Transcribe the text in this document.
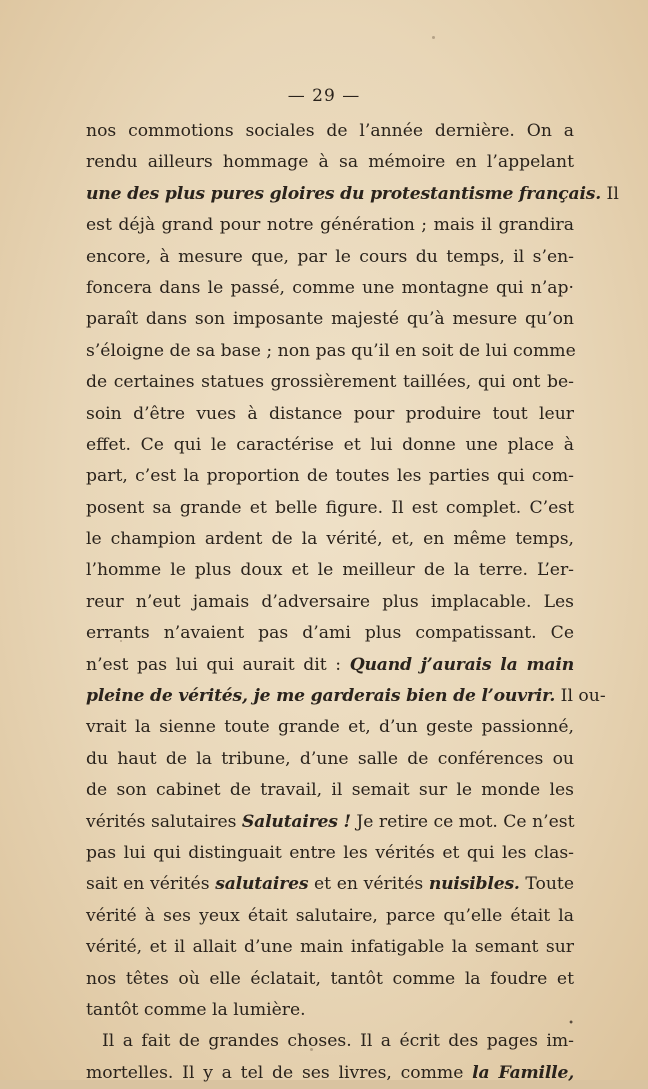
— 29 —
nos commotions sociales de l’année dernière. On a
rendu ailleurs hommage à sa mémoire en l’appelant
une des plus pures gloires du protestantisme français. Il
est déjà grand pour notre génération ; mais il grandira
encore, à mesure que, par le cours du temps, il s’en-
foncera dans le passé, comme une montagne qui n’ap·
paraît dans son imposante majesté qu’à mesure qu’on
s’éloigne de sa base ; non pas qu’il en soit de lui comme
de certaines statues grossièrement taillées, qui ont be-
soin d’être vues à distance pour produire tout leur
effet. Ce qui le caractérise et lui donne une place à
part, c’est la proportion de toutes les parties qui com-
posent sa grande et belle figure. Il est complet. C’est
le champion ardent de la vérité, et, en même temps,
l’homme le plus doux et le meilleur de la terre. L’er-
reur n’eut jamais d’adversaire plus implacable. Les
errants n’avaient pas d’ami plus compatissant. Ce
n’est pas lui qui aurait dit : Quand j’aurais la main
pleine de vérités, je me garderais bien de l’ouvrir. Il ou-
vrait la sienne toute grande et, d’un geste passionné,
du haut de la tribune, d’une salle de conférences ou
de son cabinet de travail, il semait sur le monde les
vérités salutaires Salutaires ! Je retire ce mot. Ce n’est
pas lui qui distinguait entre les vérités et qui les clas-
sait en vérités salutaires et en vérités nuisibles. Toute
vérité à ses yeux était salutaire, parce qu’elle était la
vérité, et il allait d’une main infatigable la semant sur
nos têtes où elle éclatait, tantôt comme la foudre et
tantôt comme la lumière.
Il a fait de grandes choses. Il a écrit des pages im-
mortelles. Il y a tel de ses livres, comme la Famille,
•
